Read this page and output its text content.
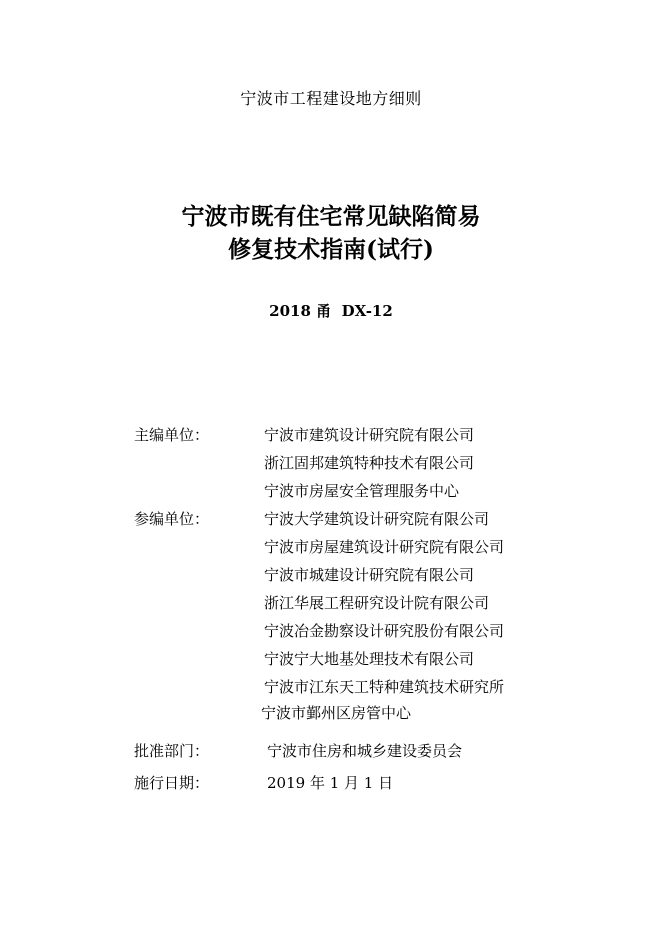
宁波市工程建设地方细则
宁波市既有住宅常见缺陷简易
修复技术指南(试行)
2018 甬  DX-12
主编单位：	宁波市建筑设计研究院有限公司
浙江固邦建筑特种技术有限公司
宁波市房屋安全管理服务中心
参编单位：	宁波大学建筑设计研究院有限公司
宁波市房屋建筑设计研究院有限公司
宁波市城建设计研究院有限公司
浙江华展工程研究设计院有限公司
宁波冶金勘察设计研究股份有限公司
宁波宁大地基处理技术有限公司
宁波市江东天工特种建筑技术研究所
宁波市鄞州区房管中心
批准部门：	宁波市住房和城乡建设委员会
施行日期：	2019 年 1 月 1 日
